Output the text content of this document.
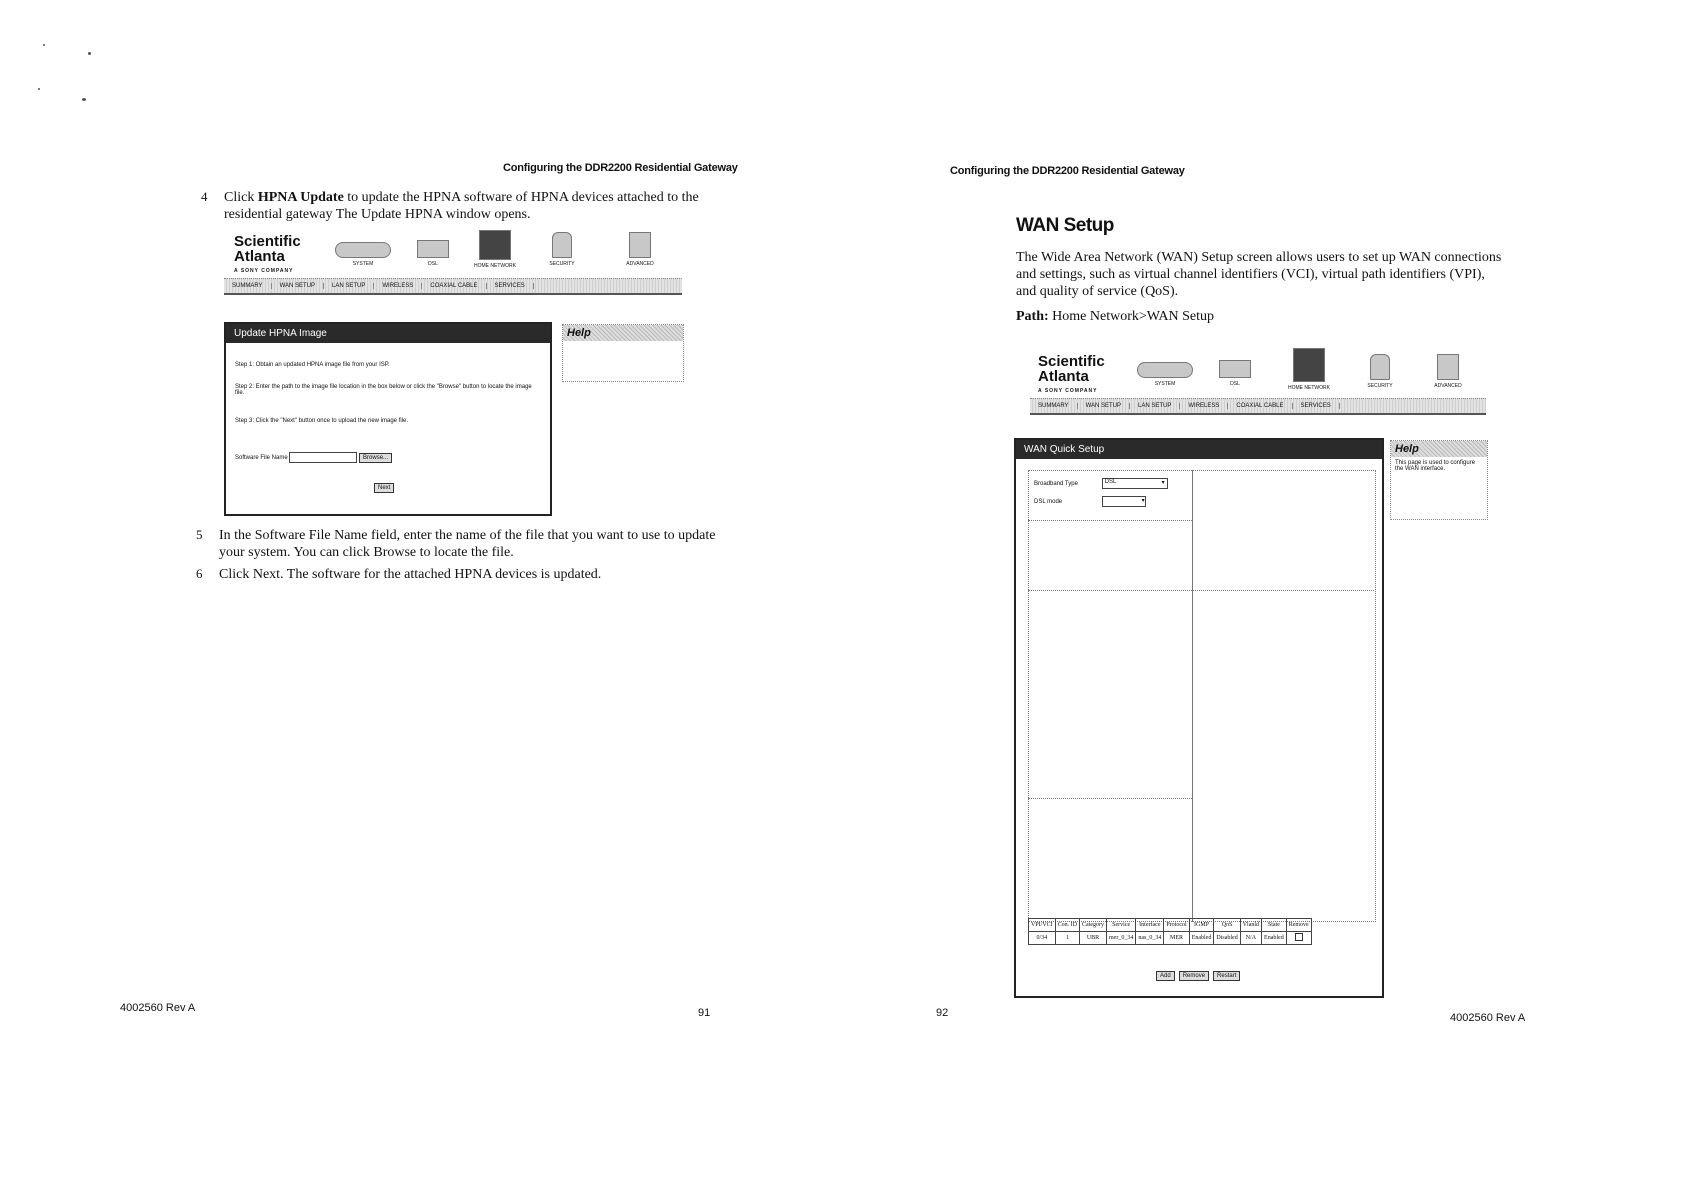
Configuring the DDR2200 Residential Gateway
4 Click HPNA Update to update the HPNA software of HPNA devices attached to the residential gateway The Update HPNA window opens.
Scientific
Atlanta
A SONY COMPANY
SYSTEM	DSL	HOME NETWORK	SECURITY	ADVANCED
SUMMARY	WAN SETUP	LAN SETUP	WIRELESS	COAXIAL CABLE	SERVICES
Update HPNA Image
Step 1: Obtain an updated HPNA image file from your ISP.
Step 2: Enter the path to the image file location in the box below or click the "Browse" button to locate the image file.
Step 3: Click the "Next" button once to upload the new image file.
Software File Name	Browse...
Next
Help
5 In the Software File Name field, enter the name of the file that you want to use to update your system. You can click Browse to locate the file.
6 Click Next. The software for the attached HPNA devices is updated.
4002560 Rev A	91
Configuring the DDR2200 Residential Gateway
WAN Setup
The Wide Area Network (WAN) Setup screen allows users to set up WAN connections and settings, such as virtual channel identifiers (VCI), virtual path identifiers (VPI), and quality of service (QoS).
Path: Home Network>WAN Setup
Scientific
Atlanta
A SONY COMPANY
SYSTEM	DSL
HOME NETWORK	SECURITY	ADVANCED
SUMMARY	WAN SETUP	LAN SETUP	WIRELESS	COAXIAL CABLE	SERVICES
WAN Quick Setup
Broadband Type	DSL	▾
DSL mode	▾
VPI/VCI	Con. ID	Category	Service	Interface	Protocol	IGMP	QoS	Vlanld	State	Remove
0/34	1	UBR	mer_0_34	nas_0_34	MER	Enabled	Disabled	N/A	Enabled	
Add Remove Restart
Help
This page is used to configure the WAN interface.
92	4002560 Rev A
